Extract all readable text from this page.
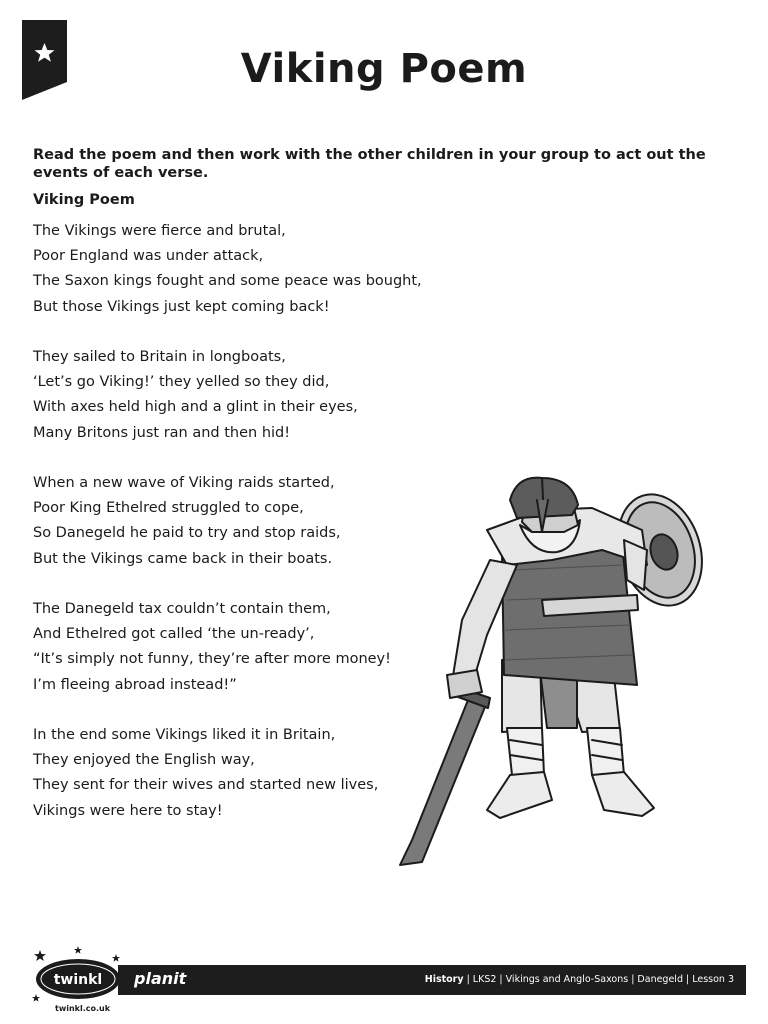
Viking Poem
Read the poem and then work with the other children in your group to act out the events of each verse.
Viking Poem
The Vikings were fierce and brutal,
Poor England was under attack,
The Saxon kings fought and some peace was bought,
But those Vikings just kept coming back!
They sailed to Britain in longboats,
‘Let’s go Viking!’ they yelled so they did,
With axes held high and a glint in their eyes,
Many Britons just ran and then hid!
When a new wave of Viking raids started,
Poor King Ethelred struggled to cope,
So Danegeld he paid to try and stop raids,
But the Vikings came back in their boats.
The Danegeld tax couldn’t contain them,
And Ethelred got called ‘the un-ready’,
“It’s simply not funny, they’re after more money!
I’m fleeing abroad instead!”
In the end some Vikings liked it in Britain,
They enjoyed the English way,
They sent for their wives and started new lives,
Vikings were here to stay!
twinkl
twinkl.co.uk
planit	History | LKS2 | Vikings and Anglo-Saxons | Danegeld | Lesson 3
